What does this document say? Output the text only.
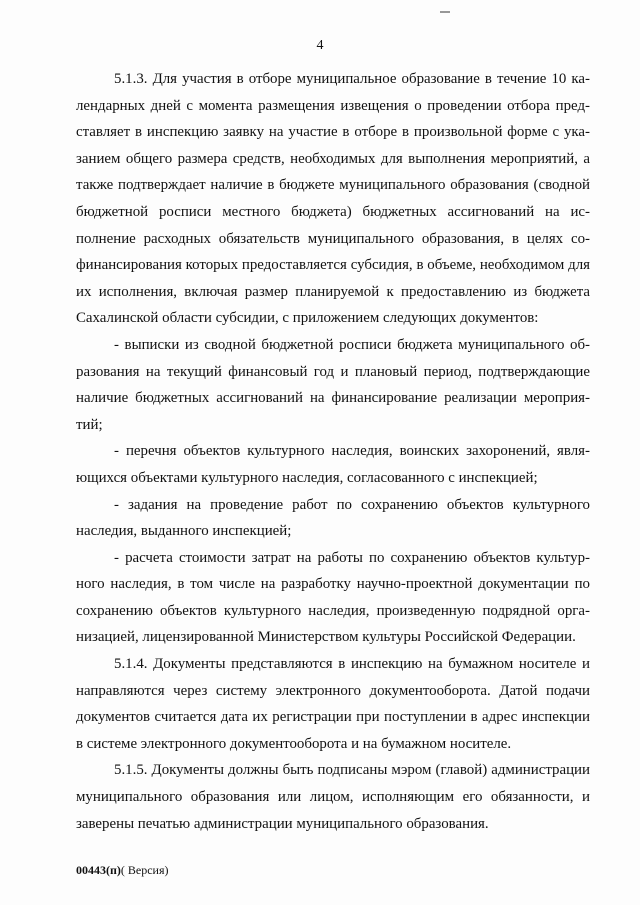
4

5.1.3. Для участия в отборе муниципальное образование в течение 10 календарных дней с момента размещения извещения о проведении отбора представляет в инспекцию заявку на участие в отборе в произвольной форме с указанием общего размера средств, необходимых для выполнения мероприятий, а также подтверждает наличие в бюджете муниципального образования (сводной бюджетной росписи местного бюджета) бюджетных ассигнований на исполнение расходных обязательств муниципального образования, в целях софинансирования которых предоставляется субсидия, в объеме, необходимом для их исполнения, включая размер планируемой к предоставлению из бюджета Сахалинской области субсидии, с приложением следующих документов:

- выписки из сводной бюджетной росписи бюджета муниципального образования на текущий финансовый год и плановый период, подтверждающие наличие бюджетных ассигнований на финансирование реализации мероприятий;

- перечня объектов культурного наследия, воинских захоронений, являющихся объектами культурного наследия, согласованного с инспекцией;

- задания на проведение работ по сохранению объектов культурного наследия, выданного инспекцией;

- расчета стоимости затрат на работы по сохранению объектов культурного наследия, в том числе на разработку научно-проектной документации по сохранению объектов культурного наследия, произведенную подрядной организацией, лицензированной Министерством культуры Российской Федерации.

5.1.4. Документы представляются в инспекцию на бумажном носителе и направляются через систему электронного документооборота. Датой подачи документов считается дата их регистрации при поступлении в адрес инспекции в системе электронного документооборота и на бумажном носителе.

5.1.5. Документы должны быть подписаны мэром (главой) администрации муниципального образования или лицом, исполняющим его обязанности, и заверены печатью администрации муниципального образования.

00443(п)( Версия)
